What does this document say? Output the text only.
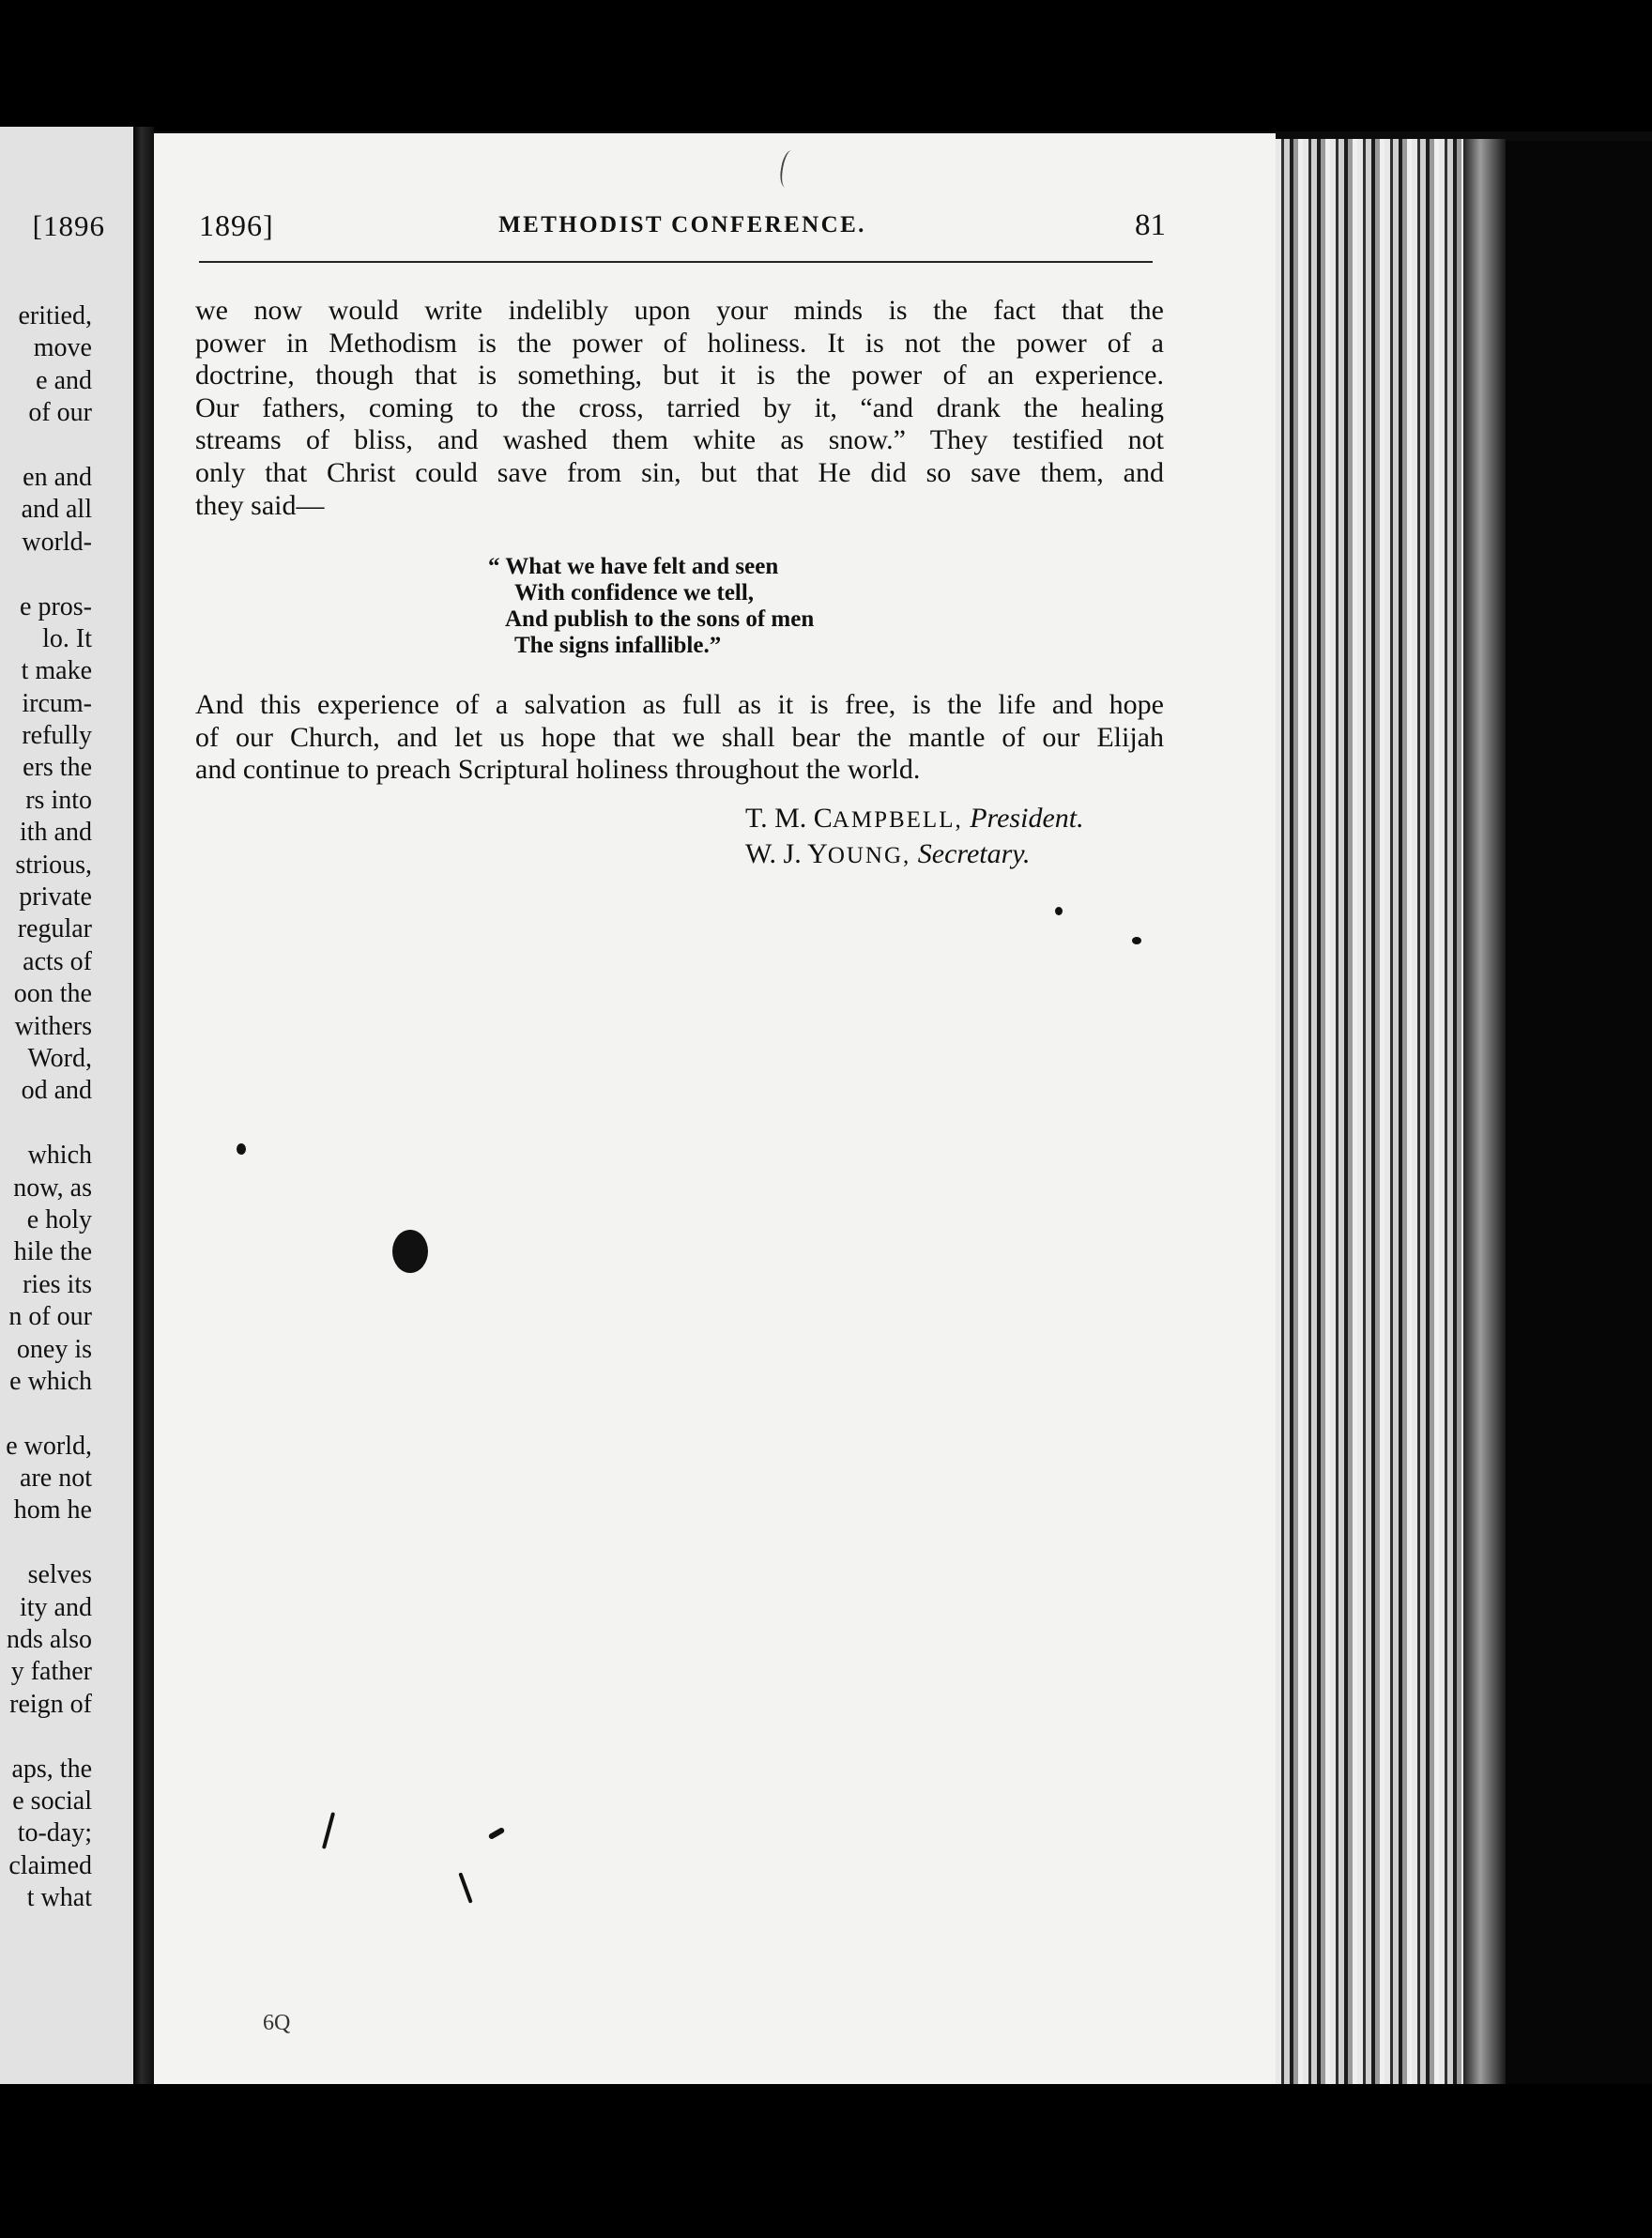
[1896
eritied,
move
e and
of our
en and
and all
world-
e pros-
lo. It
t make
ircum-
refully
ers the
rs into
ith and
strious,
private
regular
acts of
oon the
withers
Word,
od and
which
now, as
e holy
hile the
ries its
n of our
oney is
e which
e world,
are not
hom he
selves
ity and
nds also
y father
reign of
aps, the
e social
to-day;
claimed
t what
1896]	METHODIST CONFERENCE.	81
we now would write indelibly upon your minds is the fact that the
power in Methodism is the power of holiness. It is not the power of a
doctrine, though that is something, but it is the power of an experience.
Our fathers, coming to the cross, tarried by it, “and drank the healing
streams of bliss, and washed them white as snow.” They testified not
only that Christ could save from sin, but that He did so save them, and
they said—
“ What we have felt and seen
With confidence we tell,
And publish to the sons of men
The signs infallible.”
And this experience of a salvation as full as it is free, is the life and hope
of our Church, and let us hope that we shall bear the mantle of our Elijah
and continue to preach Scriptural holiness throughout the world.
T. M. CAMPBELL, President.
W. J. YOUNG, Secretary.
6Q
